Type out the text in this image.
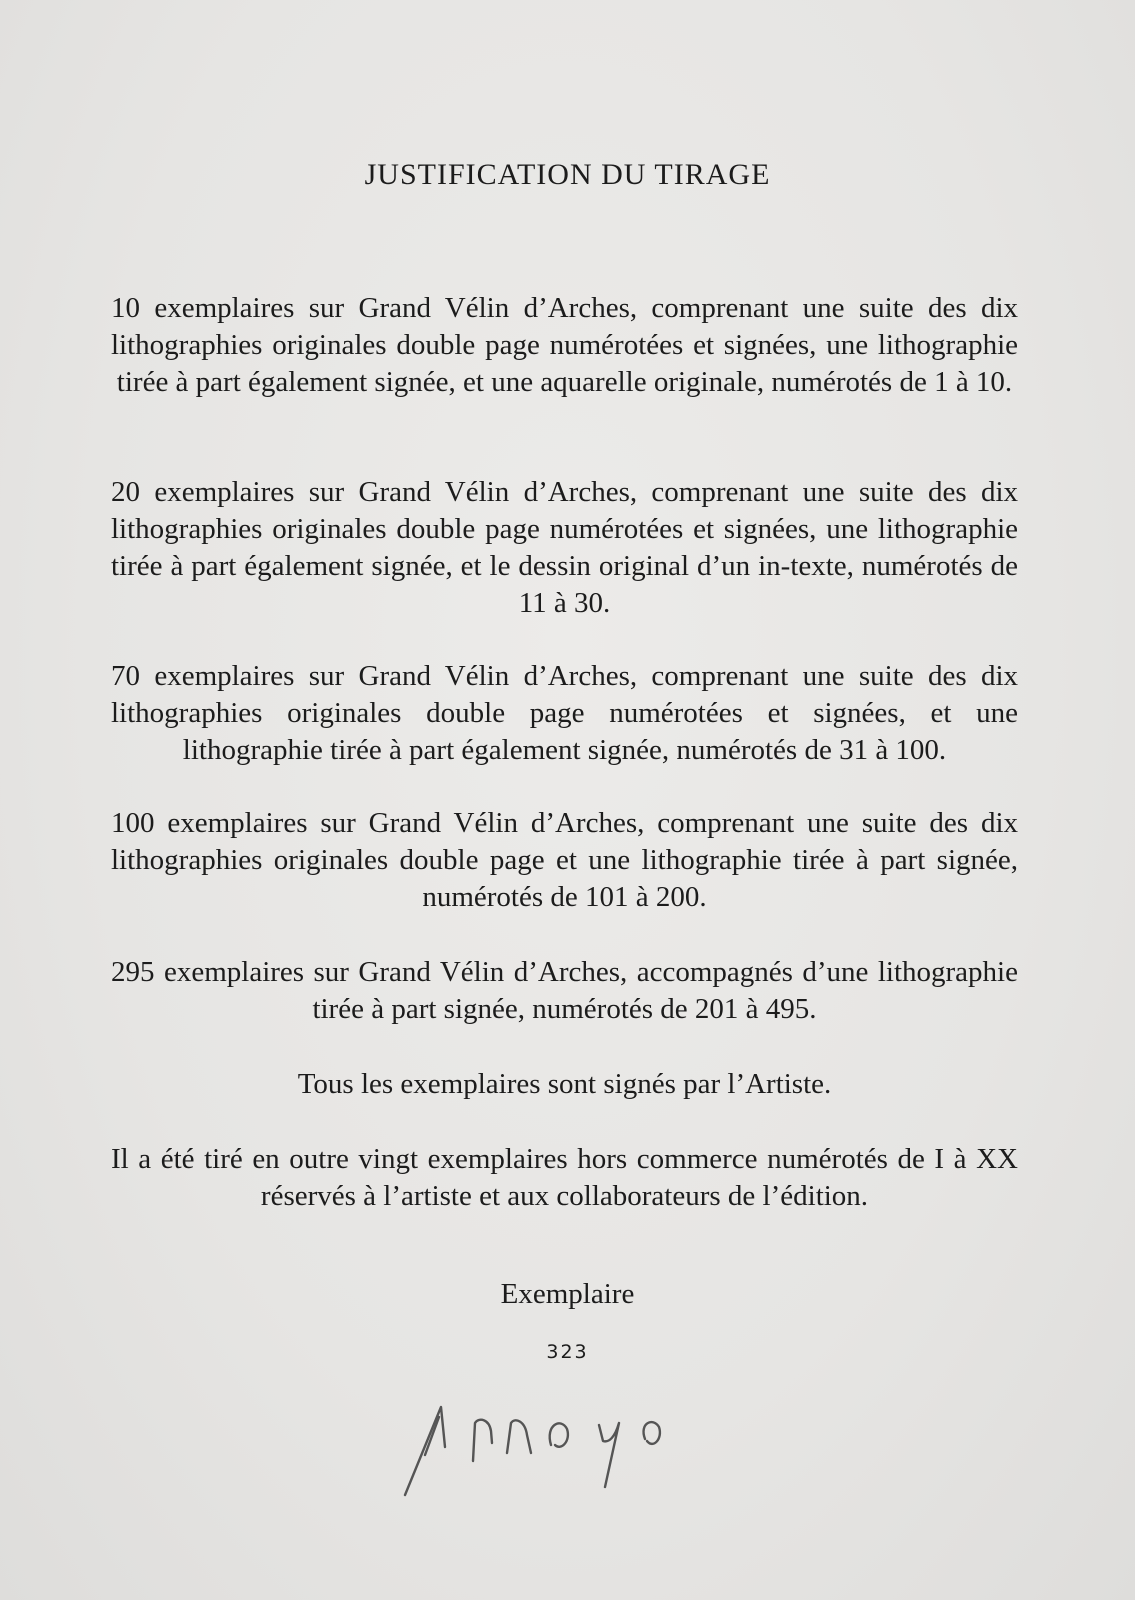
JUSTIFICATION DU TIRAGE

10 exemplaires sur Grand Vélin d’Arches, comprenant une suite des dix lithographies originales double page numérotées et signées, une lithographie tirée à part également signée, et une aquarelle originale, numérotés de 1 à 10.

20 exemplaires sur Grand Vélin d’Arches, comprenant une suite des dix lithographies originales double page numérotées et signées, une lithographie tirée à part également signée, et le dessin original d’un in-texte, numérotés de 11 à 30.

70 exemplaires sur Grand Vélin d’Arches, comprenant une suite des dix lithographies originales double page numérotées et signées, et une lithographie tirée à part également signée, numérotés de 31 à 100.

100 exemplaires sur Grand Vélin d’Arches, comprenant une suite des dix lithographies originales double page et une lithographie tirée à part signée, numérotés de 101 à 200.

295 exemplaires sur Grand Vélin d’Arches, accompagnés d’une lithographie tirée à part signée, numérotés de 201 à 495.

Tous les exemplaires sont signés par l’Artiste.

Il a été tiré en outre vingt exemplaires hors commerce numérotés de I à XX réservés à l’artiste et aux collaborateurs de l’édition.

Exemplaire

323
